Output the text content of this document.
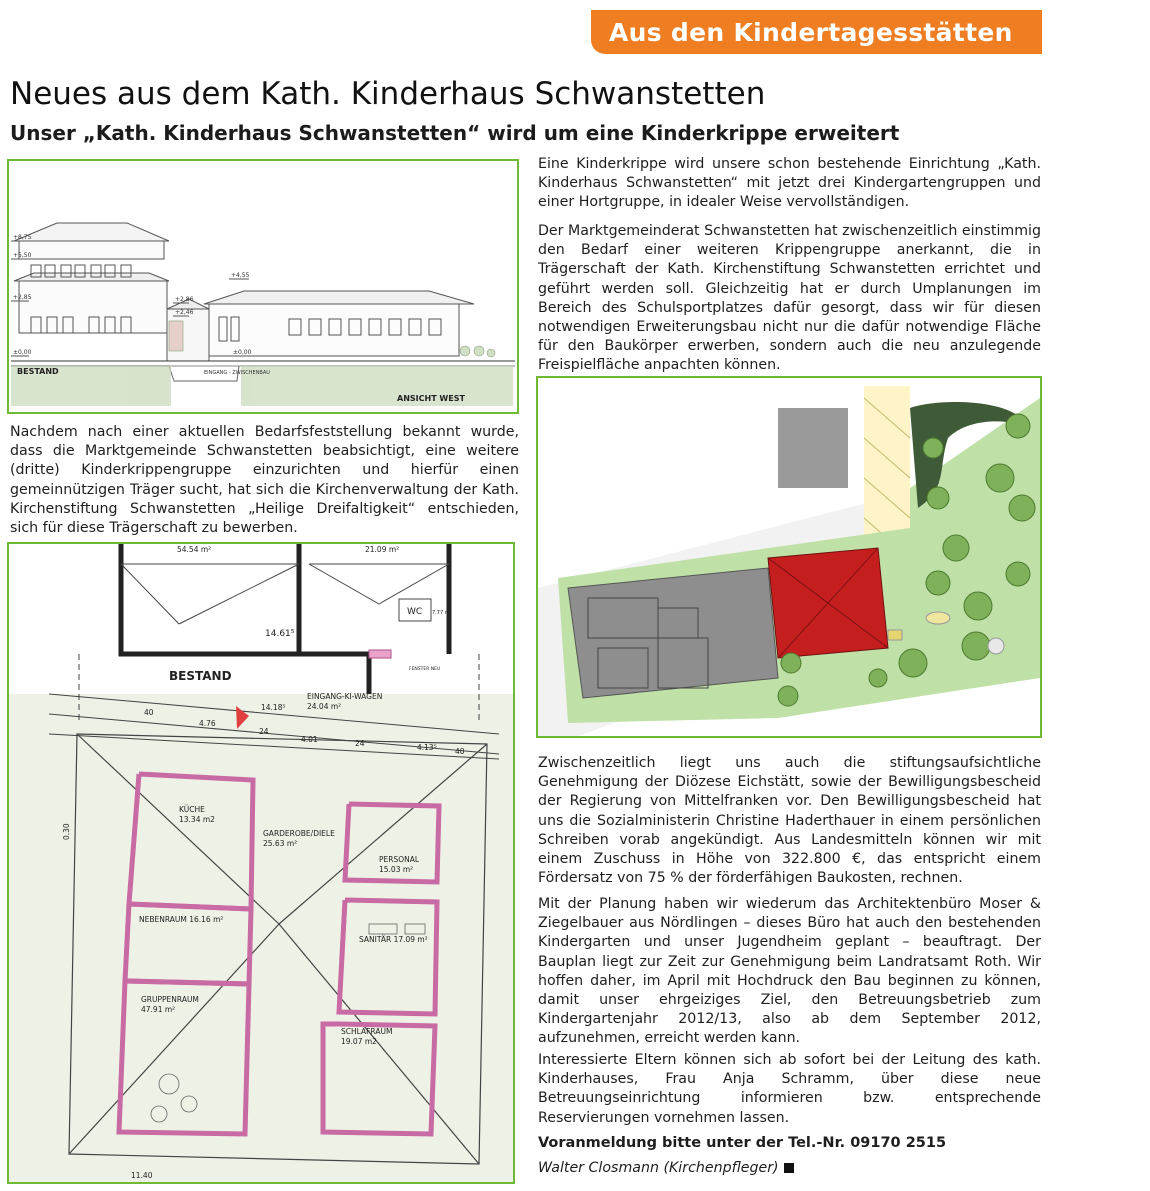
Aus den Kindertagesstätten
Neues aus dem Kath. Kinderhaus Schwanstetten
Unser „Kath. Kinderhaus Schwanstetten“ wird um eine Kinderkrippe erweitert
+8,75
+5,50
+2,85
±0,00
+4,55
+2,86
+2,46
±0,00
EINGANG - ZWISCHENBAU
BESTAND
ANSICHT WEST

Nachdem nach einer aktuellen Bedarfsfeststellung bekannt wurde, dass die Marktgemeinde Schwanstetten beabsichtigt, eine weitere (dritte) Kinderkrippengruppe einzurichten und hierfür einen gemeinnützigen Träger sucht, hat sich die Kirchenverwaltung der Kath. Kirchenstiftung Schwanstetten „Heilige Dreifaltigkeit“ entschieden, sich für diese Trägerschaft zu bewerben.

54.54 m²	21.09 m²
WC 7.77 m²
14.61⁵
FENSTER NEU
EINGANG-KI-WAGEN
24.04 m²
40
4.76
14.18⁵
24
4.01	24	4.13⁵ 40
0.30
KÜCHE
13.34 m2
GARDEROBE/DIELE
25.63 m²
PERSONAL
15.03 m²
NEBENRAUM 16.16 m²
SANITÄR 17.09 m²
GRUPPENRAUM
47.91 m²
SCHLAFRAUM
19.07 m2
11.40
BESTAND

Eine Kinderkrippe wird unsere schon bestehende Einrichtung „Kath. Kinderhaus Schwanstetten“ mit jetzt drei Kindergartengruppen und einer Hortgruppe, in idealer Weise vervollständigen.

Der Marktgemeinderat Schwanstetten hat zwischenzeitlich einstimmig den Bedarf einer weiteren Krippengruppe anerkannt, die in Trägerschaft der Kath. Kirchenstiftung Schwanstetten errichtet und geführt werden soll. Gleichzeitig hat er durch Umplanungen im Bereich des Schulsportplatzes dafür gesorgt, dass wir für diesen notwendigen Erweiterungsbau nicht nur die dafür notwendige Fläche für den Baukörper erwerben, sondern auch die neu anzulegende Freispielfläche anpachten können.

Zwischenzeitlich liegt uns auch die stiftungsaufsichtliche Genehmigung der Diözese Eichstätt, sowie der Bewilligungsbescheid der Regierung von Mittelfranken vor. Den Bewilligungsbescheid hat uns die Sozialministerin Christine Haderthauer in einem persönlichen Schreiben vorab angekündigt. Aus Landesmitteln können wir mit einem Zuschuss in Höhe von 322.800 €, das entspricht einem Fördersatz von 75 % der förderfähigen Baukosten, rechnen.

Mit der Planung haben wir wiederum das Architektenbüro Moser & Ziegelbauer aus Nördlingen – dieses Büro hat auch den bestehenden Kindergarten und unser Jugendheim geplant – beauftragt. Der Bauplan liegt zur Zeit zur Genehmigung beim Landratsamt Roth. Wir hoffen daher, im April mit Hochdruck den Bau beginnen zu können, damit unser ehrgeiziges Ziel, den Betreuungsbetrieb zum Kindergartenjahr 2012/13, also ab dem September 2012, aufzunehmen, erreicht werden kann.

Interessierte Eltern können sich ab sofort bei der Leitung des kath. Kinderhauses, Frau Anja Schramm, über diese neue Betreuungseinrichtung informieren bzw. entsprechende Reservierungen vornehmen lassen.

Voranmeldung bitte unter der Tel.-Nr. 09170 2515

Walter Closmann (Kirchenpfleger)
